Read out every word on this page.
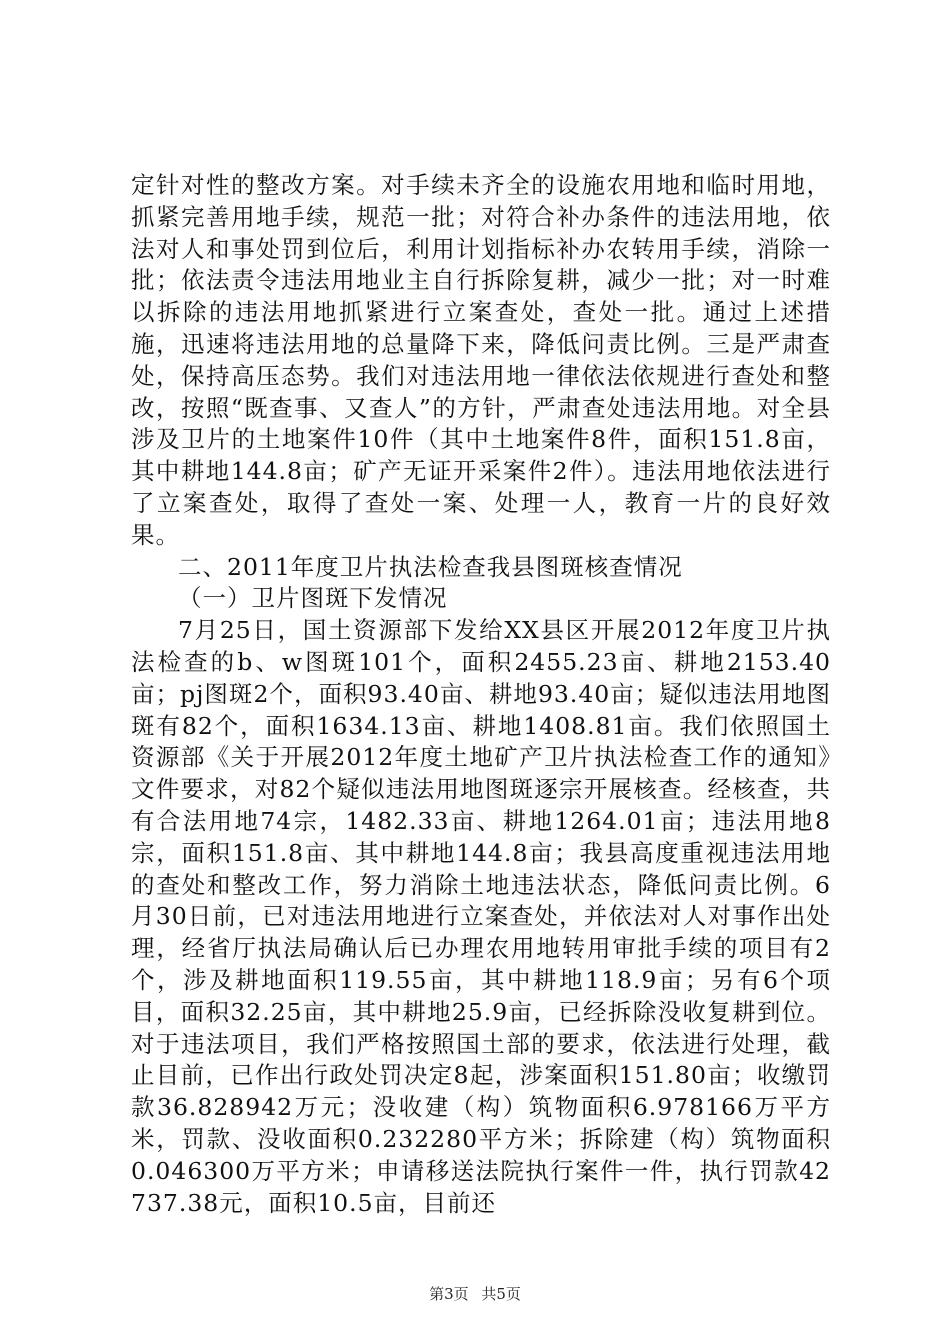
定针对性的整改方案。对手续未齐全的设施农用地和临时用地，抓紧完善用地手续，规范一批；对符合补办条件的违法用地，依法对人和事处罚到位后，利用计划指标补办农转用手续，消除一批；依法责令违法用地业主自行拆除复耕，减少一批；对一时难以拆除的违法用地抓紧进行立案查处，查处一批。通过上述措施，迅速将违法用地的总量降下来，降低问责比例。三是严肃查处，保持高压态势。我们对违法用地一律依法依规进行查处和整改，按照“既查事、又查人”的方针，严肃查处违法用地。对全县涉及卫片的土地案件10件（其中土地案件8件，面积151.8亩，其中耕地144.8亩；矿产无证开采案件2件）。违法用地依法进行了立案查处，取得了查处一案、处理一人，教育一片的良好效果。

二、2011年度卫片执法检查我县图斑核查情况

（一）卫片图斑下发情况

7月25日，国土资源部下发给XX县区开展2012年度卫片执法检查的b、w图斑101个，面积2455.23亩、耕地2153.40亩；pj图斑2个，面积93.40亩、耕地93.40亩；疑似违法用地图斑有82个，面积1634.13亩、耕地1408.81亩。我们依照国土资源部《关于开展2012年度土地矿产卫片执法检查工作的通知》文件要求，对82个疑似违法用地图斑逐宗开展核查。经核查，共有合法用地74宗，1482.33亩、耕地1264.01亩；违法用地8宗，面积151.8亩、其中耕地144.8亩；我县高度重视违法用地的查处和整改工作，努力消除土地违法状态，降低问责比例。6月30日前，已对违法用地进行立案查处，并依法对人对事作出处理，经省厅执法局确认后已办理农用地转用审批手续的项目有2个，涉及耕地面积119.55亩，其中耕地118.9亩；另有6个项目，面积32.25亩，其中耕地25.9亩，已经拆除没收复耕到位。对于违法项目，我们严格按照国土部的要求，依法进行处理，截止目前，已作出行政处罚决定8起，涉案面积151.80亩；收缴罚款36.828942万元；没收建（构）筑物面积6.978166万平方米，罚款、没收面积0.232280平方米；拆除建（构）筑物面积0.046300万平方米；申请移送法院执行案件一件，执行罚款42737.38元，面积10.5亩，目前还

第3页 共5页
